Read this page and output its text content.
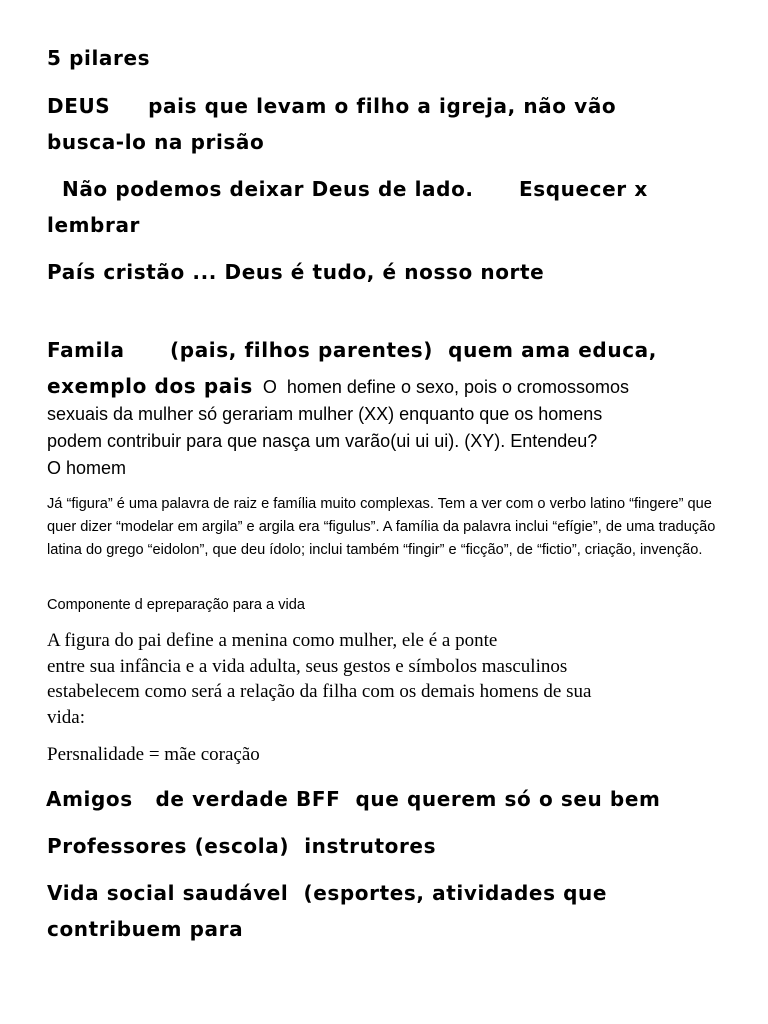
5 pilares
DEUS pais que levam o filho a igreja, não vão
busca-lo na prisão
Não podemos deixar Deus de lado. Esquecer x
lembrar
País cristão ... Deus é tudo, é nosso norte
Famila (pais, filhos parentes) quem ama educa,
exemplo dos pais O  homen define o sexo, pois o cromossomos
sexuais da mulher só gerariam mulher (XX) enquanto que os homens
podem contribuir para que nasça um varão(ui ui ui). (XY). Entendeu?
O homem

Já “figura” é uma palavra de raiz e família muito complexas. Tem a ver com o verbo latino “fingere” que quer dizer “modelar em argila” e argila era “figulus”. A família da palavra inclui “efígie”, de uma tradução latina do grego “eidolon”, que deu ídolo; inclui também “fingir” e “ficção”, de “fictio”, criação, invenção.

Componente d epreparação para a vida
A figura do pai define a menina como mulher, ele é a ponte
entre sua infância e a vida adulta, seus gestos e símbolos masculinos
estabelecem como será a relação da filha com os demais homens de sua
vida:
Persnalidade = mãe coração
Amigos de verdade BFF  que querem só o seu bem
Professores (escola)  instrutores
Vida social saudável  (esportes, atividades que
contribuem para
